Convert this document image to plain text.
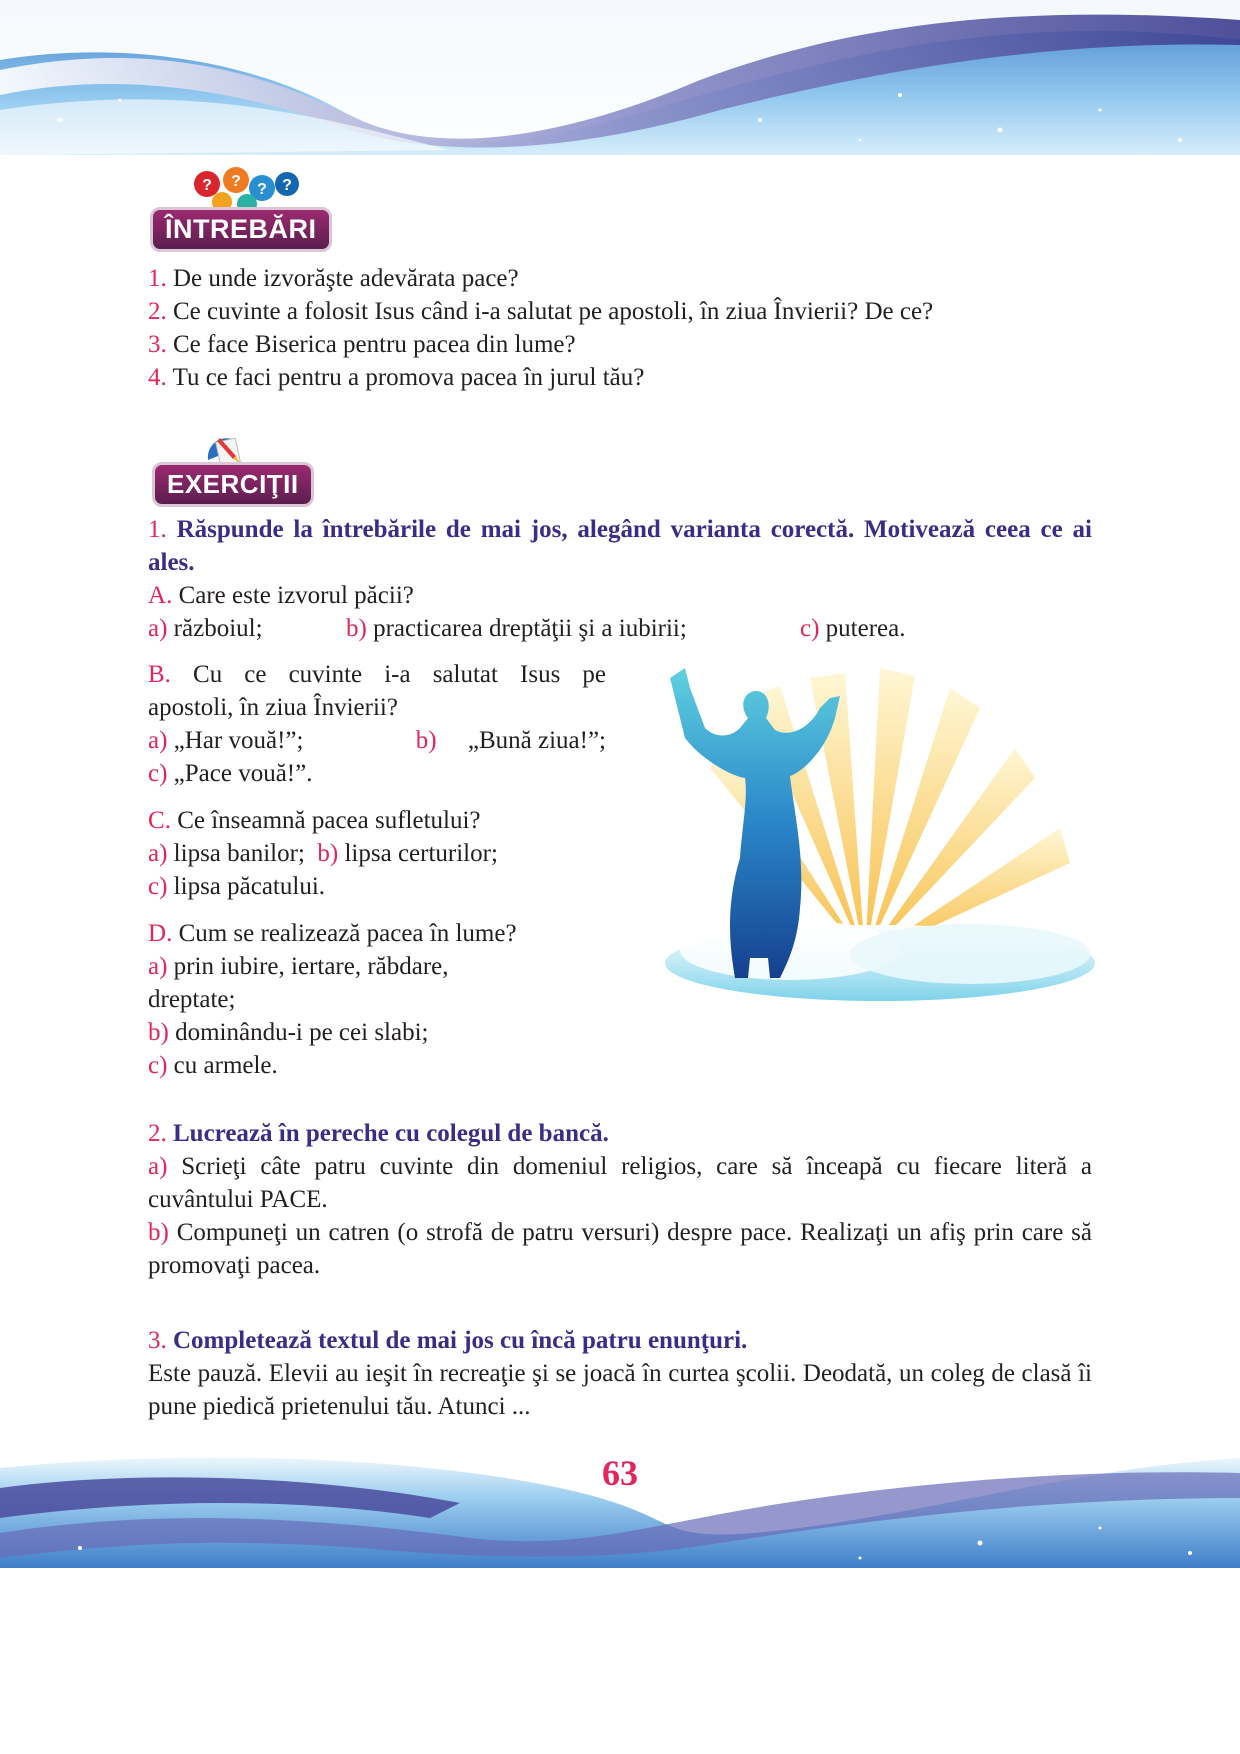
? ? ? ?
ÎNTREBĂRI
1. De unde izvorăşte adevărata pace?
2. Ce cuvinte a folosit Isus când i-a salutat pe apostoli, în ziua Învierii? De ce?
3. Ce face Biserica pentru pacea din lume?
4. Tu ce faci pentru a promova pacea în jurul tău?
EXERCIŢII
1. Răspunde la întrebările de mai jos, alegând varianta corectă. Motivează ceea ce ai ales.
A. Care este izvorul păcii?
a) războiul;	b) practicarea dreptăţii şi a iubirii;	c) puterea.
B. Cu ce cuvinte i-a salutat Isus pe
apostoli, în ziua Învierii?
a) „Har vouă!”;	b) „Bună ziua!”;
c) „Pace vouă!”.
C. Ce înseamnă pacea sufletului?
a) lipsa banilor; b) lipsa certurilor;
c) lipsa păcatului.
D. Cum se realizează pacea în lume?
a) prin iubire, iertare, răbdare,
dreptate;
b) dominându-i pe cei slabi;
c) cu armele.
2. Lucrează în pereche cu colegul de bancă.
a) Scrieţi câte patru cuvinte din domeniul religios, care să înceapă cu fiecare literă a cuvântului PACE.
b) Compuneţi un catren (o strofă de patru versuri) despre pace. Realizaţi un afiş prin care să promovaţi pacea.
3. Completează textul de mai jos cu încă patru enunţuri.
Este pauză. Elevii au ieşit în recreaţie şi se joacă în curtea şcolii. Deodată, un coleg de clasă îi pune piedică prietenului tău. Atunci ...
63
